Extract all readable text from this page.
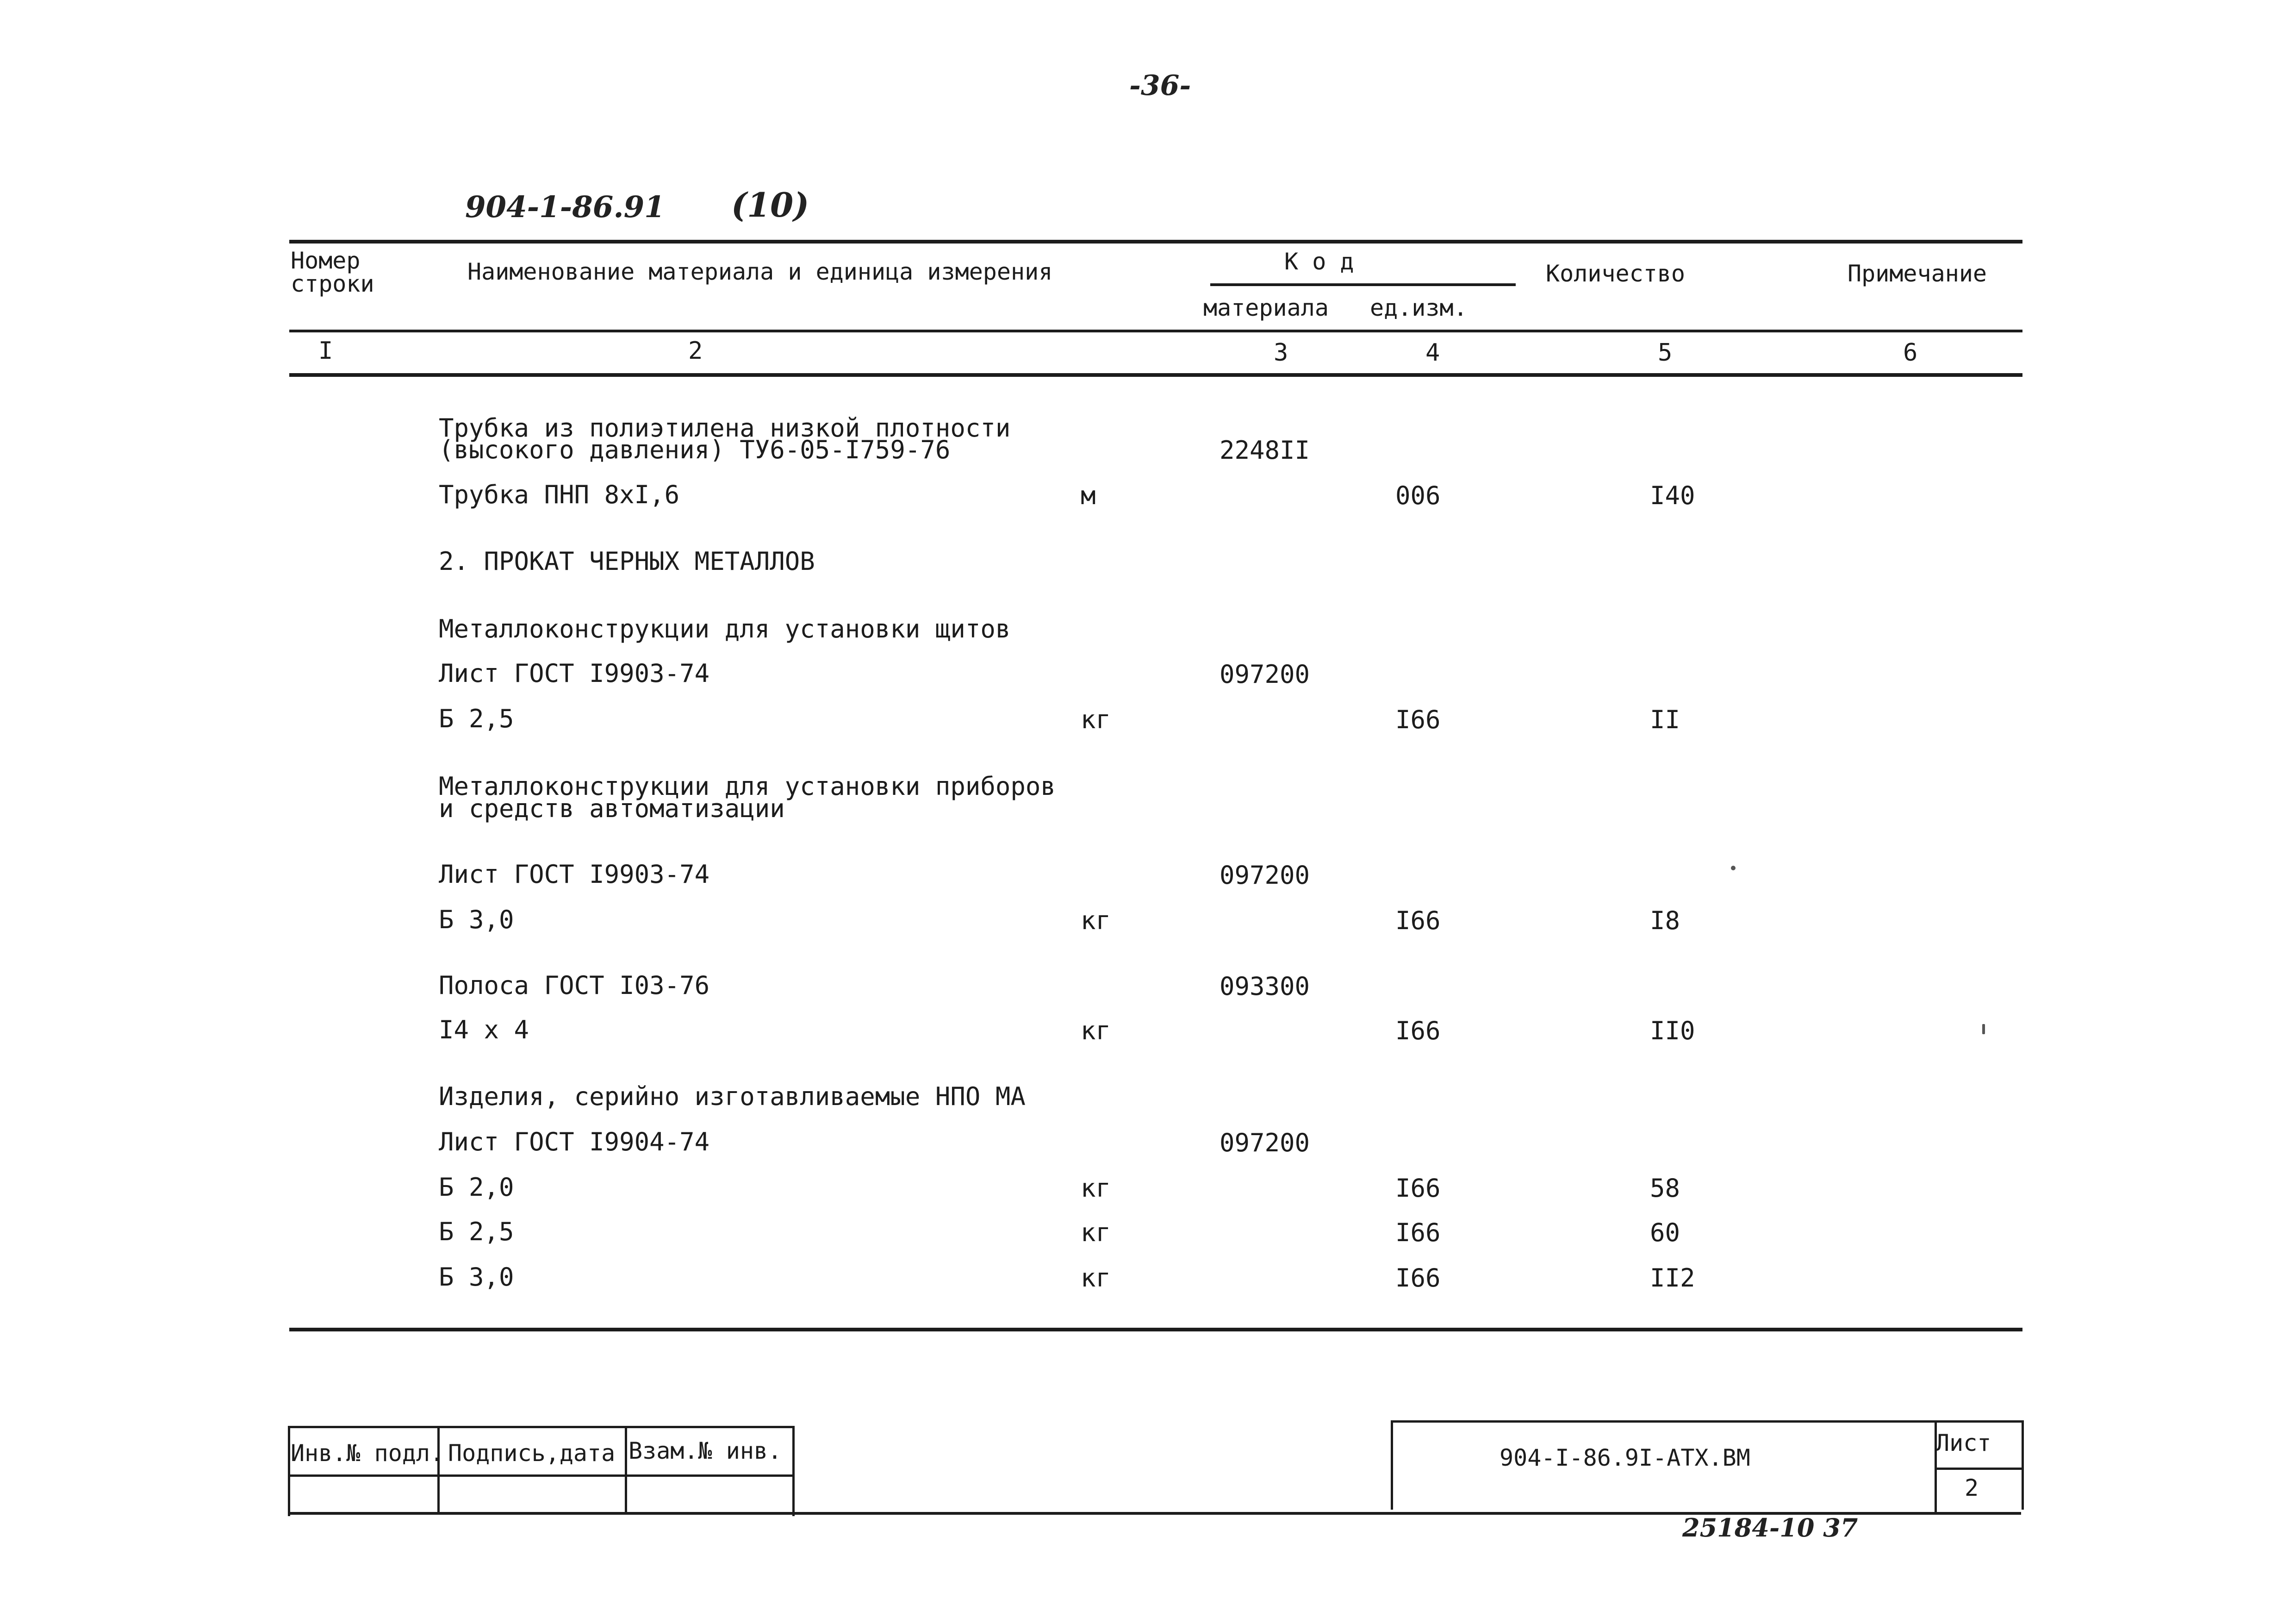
-36-
904-1-86.91 (10)
Номер
строки	Наименование материала и единица измерения	К о д
материала ед.изм.
Количество	Примечание
I	2	3	4	5	6
Трубка из полиэтилена низкой плотности
(высокого давления) ТУ6-05-I759-76	2248II
Трубка ПНП 8хI,6	м	006	I40
2. ПРОКАТ ЧЕРНЫХ МЕТАЛЛОВ
Металлоконструкции для установки щитов
Лист ГОСТ I9903-74	097200
Б 2,5	кг	I66	II
Металлоконструкции для установки приборов
и средств автоматизации
Лист ГОСТ I9903-74	097200
Б 3,0	кг	I66	I8
Полоса ГОСТ I03-76	093300
I4 х 4	кг	I66	II0
Изделия, серийно изготавливаемые НПО МА
Лист ГОСТ I9904-74	097200
Б 2,0	кг	I66	58
Б 2,5	кг	I66	60
Б 3,0	кг	I66	II2
Инв.№ подл. Подпись,дата Взам.№ инв.	904-I-86.9I-АТХ.ВМ
Лист
2
25184-10 37
